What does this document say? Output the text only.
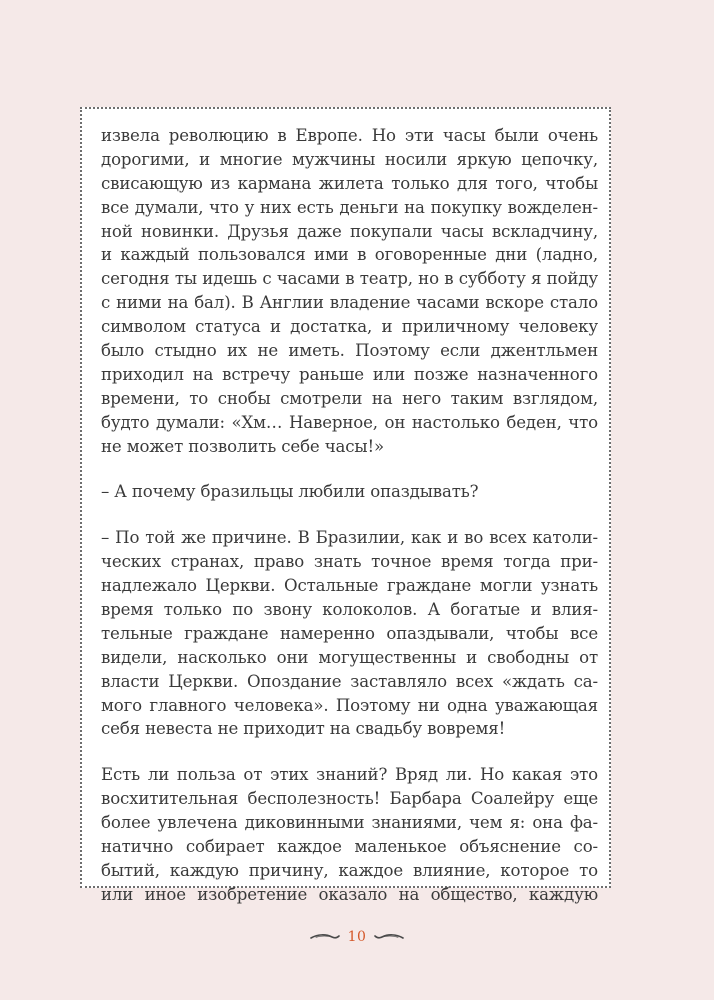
извела революцию в Европе. Но эти часы были очень
дорогими, и многие мужчины носили яркую цепочку,
свисающую из кармана жилета только для того, чтобы
все думали, что у них есть деньги на покупку вожделен-
ной новинки. Друзья даже покупали часы вскладчину,
и каждый пользовался ими в оговоренные дни (ладно,
сегодня ты идешь с часами в театр, но в субботу я пойду
с ними на бал). В Англии владение часами вскоре стало
символом статуса и достатка, и приличному человеку
было стыдно их не иметь. Поэтому если джентльмен
приходил на встречу раньше или позже назначенного
времени, то снобы смотрели на него таким взглядом,
будто думали: «Хм… Наверное, он настолько беден, что
не может позволить себе часы!»

– А почему бразильцы любили опаздывать?

– По той же причине. В Бразилии, как и во всех католи-
ческих странах, право знать точное время тогда при-
надлежало Церкви. Остальные граждане могли узнать
время только по звону колоколов. А богатые и влия-
тельные граждане намеренно опаздывали, чтобы все
видели, насколько они могущественны и свободны от
власти Церкви. Опоздание заставляло всех «ждать са-
мого главного человека». Поэтому ни одна уважающая
себя невеста не приходит на свадьбу вовремя!

Есть ли польза от этих знаний? Вряд ли. Но какая это
восхитительная бесполезность! Барбара Соалейру еще
более увлечена диковинными знаниями, чем я: она фа-
натично собирает каждое маленькое объяснение со-
бытий, каждую причину, каждое влияние, которое то
или иное изобретение оказало на общество, каждую

10
